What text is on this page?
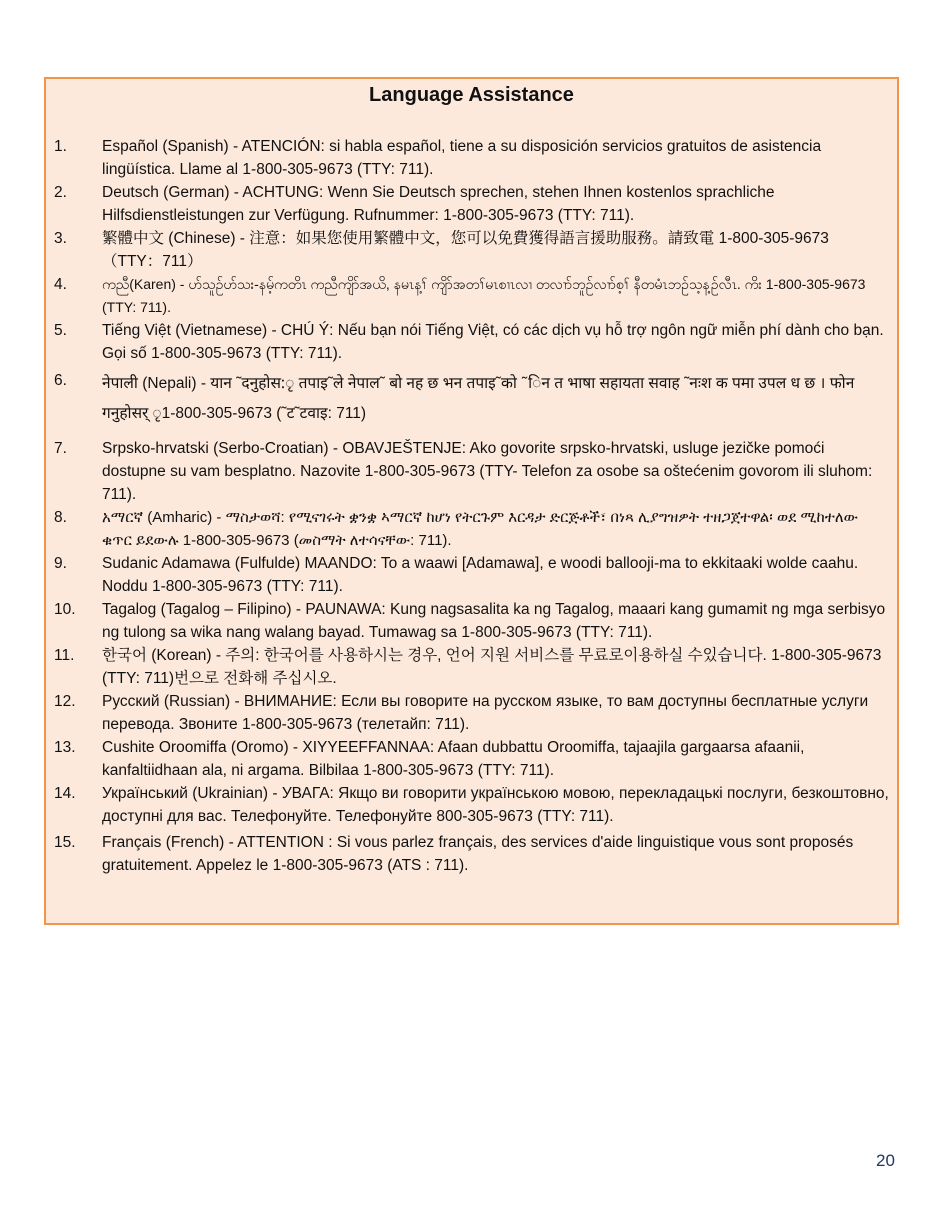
Language Assistance
1.	Español (Spanish) - ATENCIÓN: si habla español, tiene a su disposición servicios gratuitos de asistencia lingüística. Llame al 1-800-305-9673 (TTY: 711).
2.	Deutsch (German) - ACHTUNG: Wenn Sie Deutsch sprechen, stehen Ihnen kostenlos sprachliche Hilfsdienstleistungen zur Verfügung. Rufnummer: 1-800-305-9673 (TTY: 711).
3.	繁體中文 (Chinese) - 注意：如果您使用繁體中文，您可以免費獲得語言援助服務。請致電 1-800-305-9673（TTY：711）
4.	ကညီ(Karen) - ဟ်သူဉ်ဟ်သး-နမ့်ကတိၤ ကညီကျိာ်အယိ, နမၤန့ၢ် ကျိာ်အတၢ်မၤစၢၤလၢ တလၢာ်ဘူဉ်လၢာ်စ့ၢ် နီတမံၤဘဉ်သ့န့ဉ်လီၤ. ကိး 1-800-305-9673 (TTY: 711).
5.	Tiếng Việt (Vietnamese) - CHÚ Ý: Nếu bạn nói Tiếng Việt, có các dịch vụ hỗ trợ ngôn ngữ miễn phí dành cho bạn. Gọi số 1-800-305-9673 (TTY: 711).
6.	नेपाली (Nepali) - यान ˜दनुहोस:ृ तपाइ˜ले नेपाल˜ बो नह छ भन तपाइ˜को ˜िन त भाषा सहायता सवाह ˜नःश क पमा उपल ध छ । फोन गनुहोसर् ृ1-800-305-9673 (˜ट˜टवाइ: 711)
7.	Srpsko-hrvatski (Serbo-Croatian) - OBAVJEŠTENJE: Ako govorite srpsko-hrvatski, usluge jezičke pomoći dostupne su vam besplatno. Nazovite 1-800-305-9673 (TTY- Telefon za osobe sa oštećenim govorom ili sluhom: 711).
8.	አማርኛ (Amharic) - ማስታወሻ: የሚናገሩት ቋንቋ ኣማርኛ ከሆነ የትርጉም እርዳታ ድርጅቶች፣ በነጻ ሊያግዝዎት ተዘጋጀተዋል፡ ወደ ሚከተለው ቁጥር ይደውሉ 1-800-305-9673 (መስማት ለተሳናቸው: 711).
9.	Sudanic Adamawa (Fulfulde) MAANDO: To a waawi [Adamawa], e woodi ballooji-ma to ekkitaaki wolde caahu. Noddu 1-800-305-9673 (TTY: 711).
10.	Tagalog (Tagalog – Filipino) - PAUNAWA: Kung nagsasalita ka ng Tagalog, maaari kang gumamit ng mga serbisyo ng tulong sa wika nang walang bayad. Tumawag sa 1-800-305-9673 (TTY: 711).
11.	한국어 (Korean) - 주의: 한국어를 사용하시는 경우, 언어 지원 서비스를 무료로이용하실 수있습니다. 1-800-305-9673 (TTY: 711)번으로 전화해 주십시오.
12.	Русский (Russian) - ВНИМАНИЕ: Если вы говорите на русском языке, то вам доступны бесплатные услуги перевода. Звоните 1-800-305-9673 (телетайп: 711).
13.	Cushite Oroomiffa (Oromo) - XIYYEEFFANNAA: Afaan dubbattu Oroomiffa, tajaajila gargaarsa afaanii, kanfaltiidhaan ala, ni argama. Bilbilaa 1-800-305-9673 (TTY: 711).
14.	Український (Ukrainian) - УВАГА: Якщо ви говорити українською мовою, перекладацькі послуги, безкоштовно, доступні для вас. Телефонуйте. Телефонуйте 800-305-9673 (TTY: 711).
15.	Français (French) - ATTENTION : Si vous parlez français, des services d'aide linguistique vous sont proposés gratuitement. Appelez le 1-800-305-9673 (ATS : 711).
20
